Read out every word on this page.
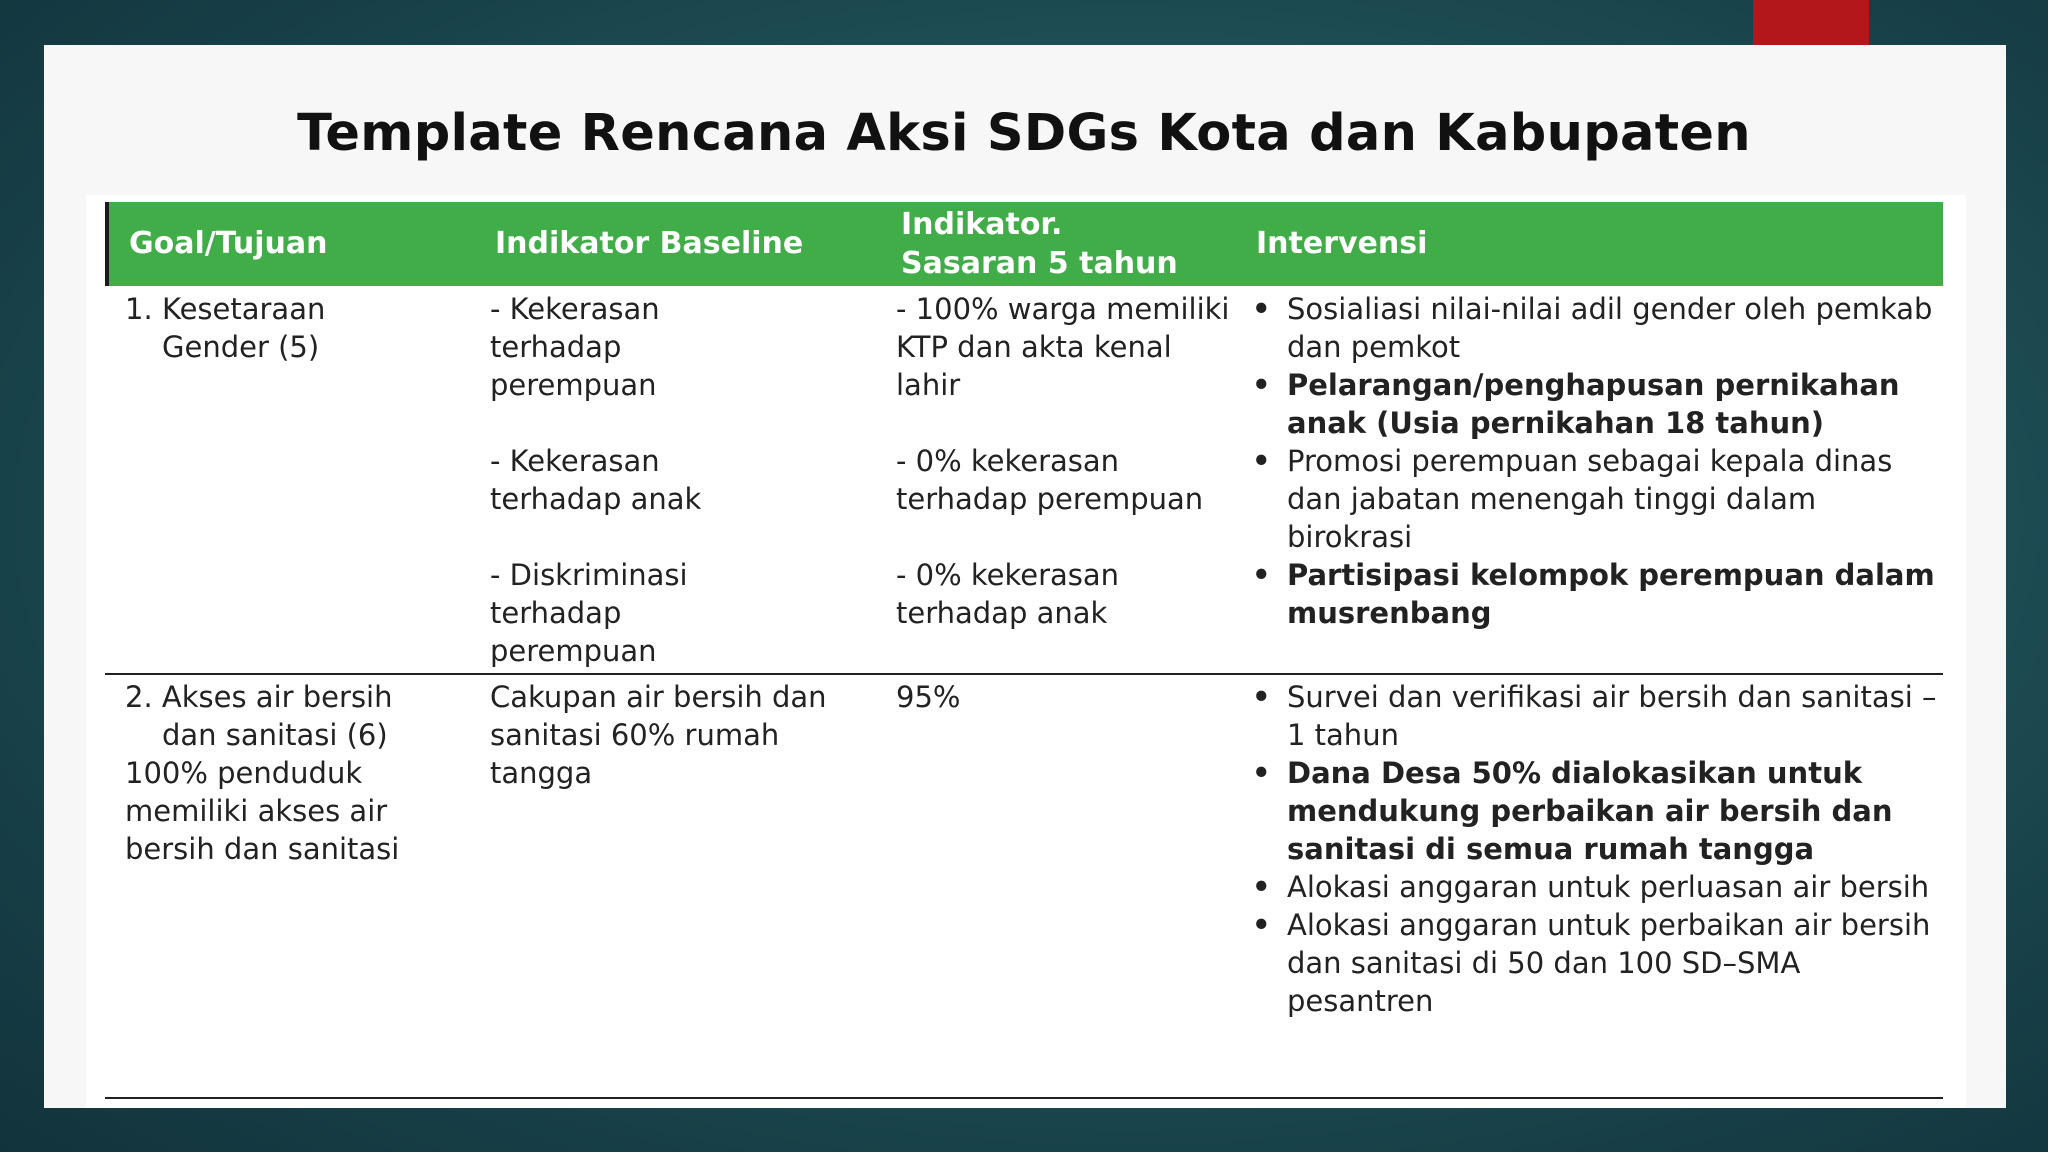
Template Rencana Aksi SDGs Kota dan Kabupaten
Goal/Tujuan	Indikator Baseline
Indikator.
Sasaran 5 tahun
Intervensi

1. Kesetaraan

Gender (5)

- Kekerasan terhadap perempuan

- Kekerasan terhadap anak

- Diskriminasi terhadap perempuan

- 100% warga memiliki KTP dan akta kenal lahir

- 0% kekerasan terhadap perempuan

- 0% kekerasan terhadap anak

• Sosialiasi nilai-nilai adil gender oleh pemkab dan pemkot
• Pelarangan/penghapusan pernikahan anak (Usia pernikahan 18 tahun)
• Promosi perempuan sebagai kepala dinas dan jabatan menengah tinggi dalam birokrasi
• Partisipasi kelompok perempuan dalam musrenbang

2. Akses air bersih

dan sanitasi (6)

100% penduduk memiliki akses air bersih dan sanitasi

Cakupan air bersih dan sanitasi 60% rumah tangga

95%

•	Survei dan verifikasi air bersih dan sanitasi –1 tahun
• Dana Desa 50% dialokasikan untuk mendukung perbaikan air bersih dan sanitasi di semua rumah tangga
• Alokasi anggaran untuk perluasan air bersih
• Alokasi anggaran untuk perbaikan air bersih dan sanitasi di 50 dan 100 SD–SMA pesantren
